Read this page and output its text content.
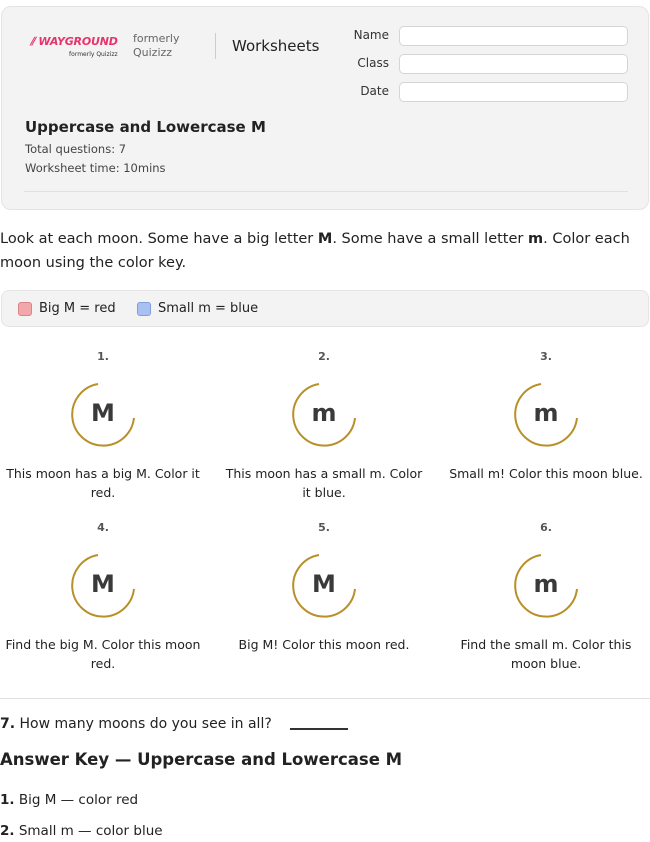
⫽ WAYGROUND
formerly Quizizz
formerly
Quizizz	Worksheets
Name
Class
Date
Uppercase and Lowercase M
Total questions: 7
Worksheet time: 10mins
Look at each moon. Some have a big letter M. Some have a small letter m. Color each moon using the color key.
Big M = red	Small m = blue
1.
M
This moon has a big M. Color it red.
2.
m
This moon has a small m. Color it blue.
3.
m
Small m! Color this moon blue.
4.
M
Find the big M. Color this moon red.
5.
M
Big M! Color this moon red.
6.
m
Find the small m. Color this moon blue.
7. How many moons do you see in all?
Answer Key — Uppercase and Lowercase M
1. Big M — color red
2. Small m — color blue
